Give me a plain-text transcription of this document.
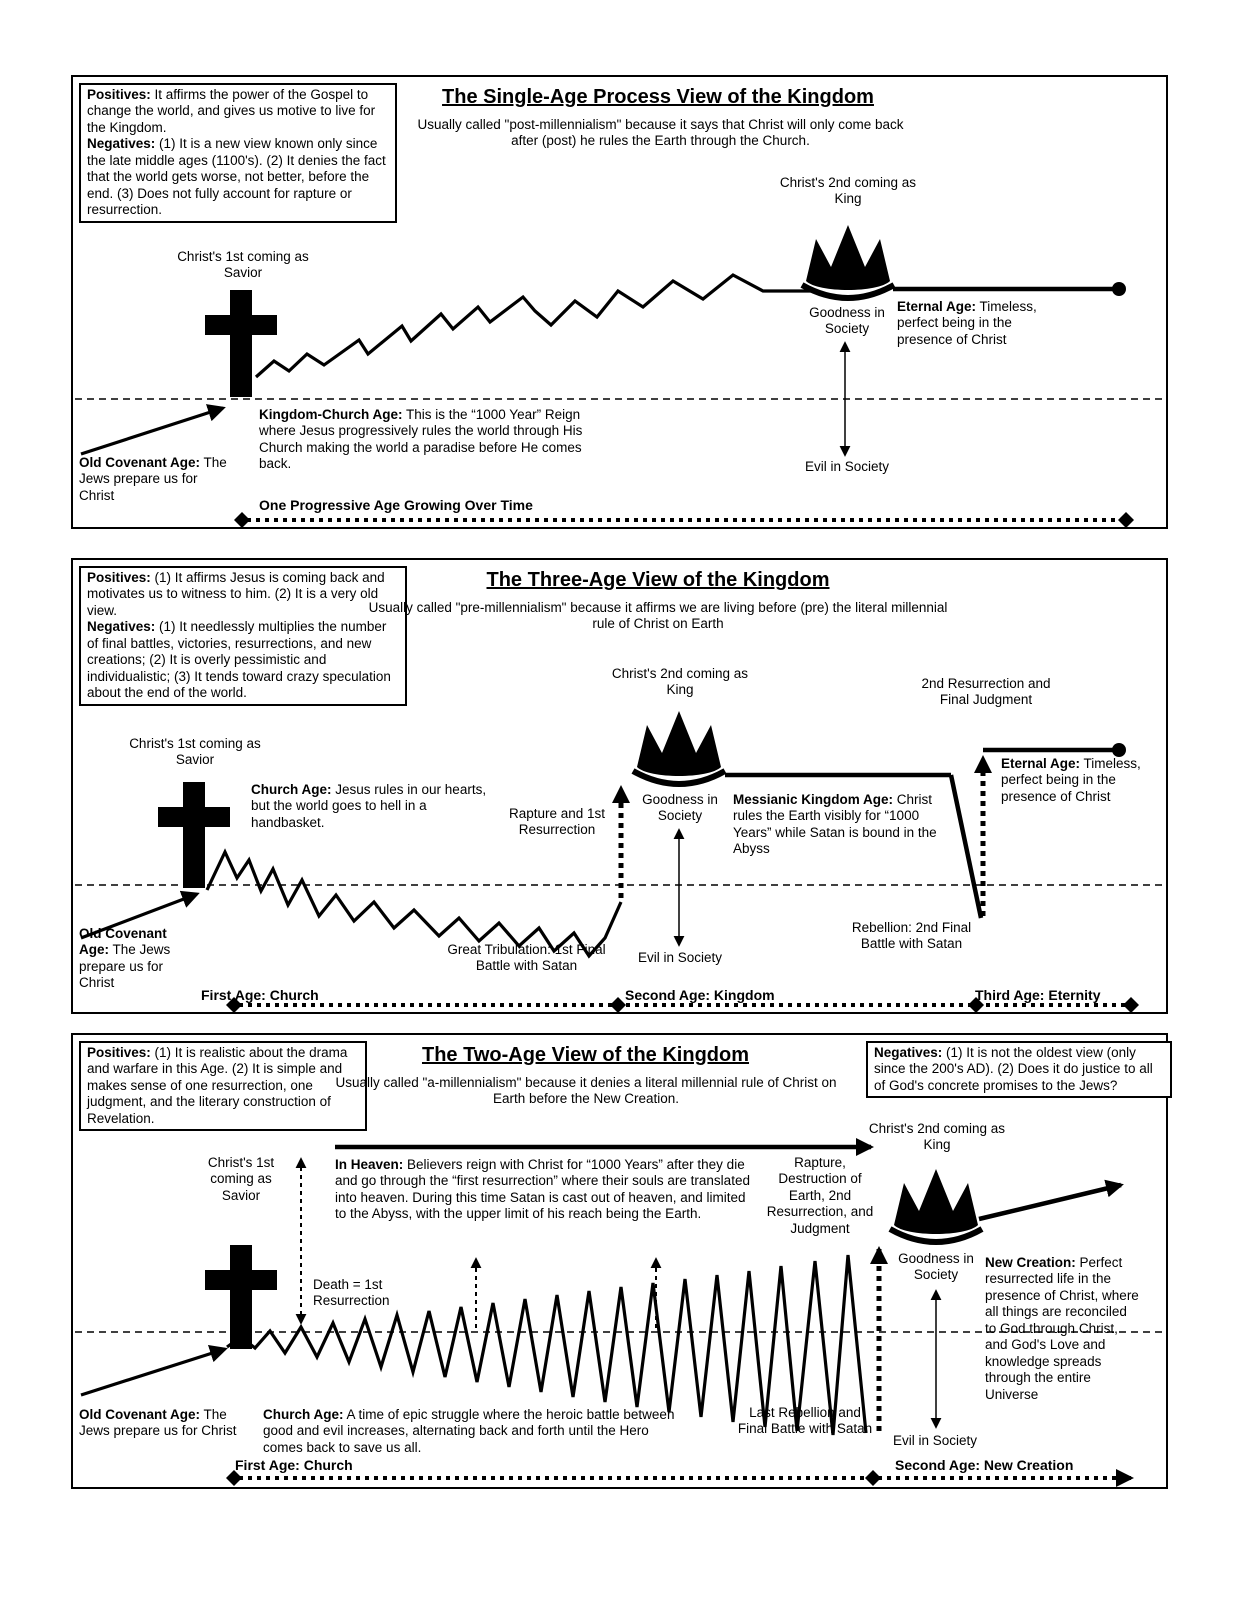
Positives: It affirms the power of the Gospel to change the world, and gives us motive to live for the Kingdom.
Negatives: (1) It is a new view known only since the late middle ages (1100's). (2) It denies the fact that the world gets worse, not better, before the end. (3) Does not fully account for rapture or resurrection.
The Single-Age Process View of the Kingdom
Usually called "post-millennialism" because it says that Christ will only come back after (post) he rules the Earth through the Church.
Christ's 2nd coming as King
Christ's 1st coming as Savior
Goodness in Society
Eternal Age: Timeless, perfect being in the presence of Christ
Kingdom-Church Age: This is the “1000 Year” Reign where Jesus progressively rules the world through His Church making the world a paradise before He comes back.
Old Covenant Age: The Jews prepare us for Christ
Evil in Society
One Progressive Age Growing Over Time
Positives: (1) It affirms Jesus is coming back and motivates us to witness to him. (2) It is a very old view.
Negatives: (1) It needlessly multiplies the number of final battles, victories, resurrections, and new creations; (2) It is overly pessimistic and individualistic; (3) It tends toward crazy speculation about the end of the world.
The Three-Age View of the Kingdom
Usually called "pre-millennialism" because it affirms we are living before (pre) the literal millennial rule of Christ on Earth
Christ's 2nd coming as King	2nd Resurrection and Final Judgment
Christ's 1st coming as Savior
Church Age: Jesus rules in our hearts, but the world goes to hell in a handbasket.
Rapture and 1st Resurrection
Goodness in Society
Messianic Kingdom Age: Christ rules the Earth visibly for “1000 Years” while Satan is bound in the Abyss
Eternal Age: Timeless, perfect being in the presence of Christ
Great Tribulation: 1st Final Battle with Satan
Evil in Society
Rebellion: 2nd Final Battle with Satan
Old Covenant Age: The Jews prepare us for Christ
First Age: Church	Second Age: Kingdom	Third Age: Eternity
Positives: (1) It is realistic about the drama and warfare in this Age. (2) It is simple and makes sense of one resurrection, one judgment, and the literary construction of Revelation.
Negatives: (1) It is not the oldest view (only since the 200's AD). (2) Does it do justice to all of God's concrete promises to the Jews?
The Two-Age View of the Kingdom
Usually called "a-millennialism" because it denies a literal millennial rule of Christ on Earth before the New Creation.
Christ's 2nd coming as King
Christ's 1st coming as Savior
In Heaven: Believers reign with Christ for “1000 Years” after they die and go through the “first resurrection” where their souls are translated into heaven. During this time Satan is cast out of heaven, and limited to the Abyss, with the upper limit of his reach being the Earth.
Death = 1st Resurrection
Rapture, Destruction of Earth, 2nd Resurrection, and Judgment
Goodness in Society
New Creation: Perfect resurrected life in the presence of Christ, where all things are reconciled to God through Christ, and God's Love and knowledge spreads through the entire Universe
Church Age: A time of epic struggle where the heroic battle between good and evil increases, alternating back and forth until the Hero comes back to save us all.
Last Rebellion and Final Battle with Satan
Evil in Society
Old Covenant Age: The Jews prepare us for Christ
First Age: Church	Second Age: New Creation
